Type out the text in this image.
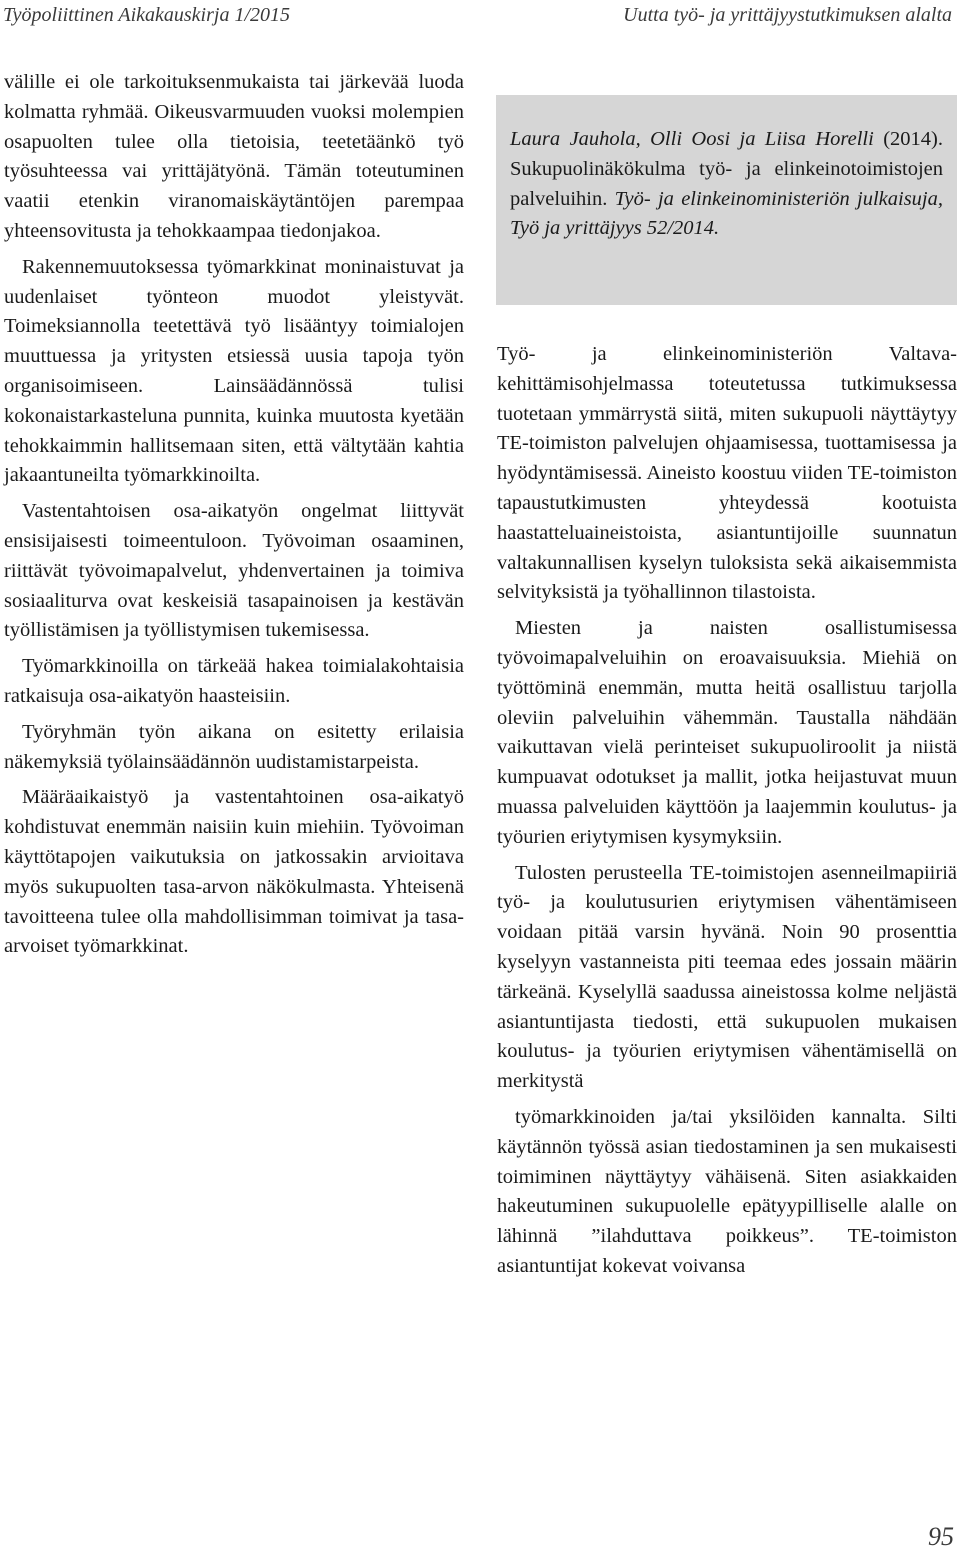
Työpoliittinen Aikakauskirja 1/2015	Uutta työ- ja yrittäjyystutkimuksen alalta

välille ei ole tarkoituksenmukaista tai järkevää luoda kolmatta ryhmää. Oikeusvarmuuden vuoksi molempien osapuolten tulee olla tietoisia, teetetäänkö työ työsuhteessa vai yrittäjätyönä. Tämän toteutuminen vaatii etenkin viranomaiskäytäntöjen parempaa yhteensovitusta ja tehokkaampaa tiedonjakoa.

Rakennemuutoksessa työmarkkinat moninaistuvat ja uudenlaiset työnteon muodot yleistyvät. Toimeksiannolla teetettävä työ lisääntyy toimialojen muuttuessa ja yritysten etsiessä uusia tapoja työn organisoimiseen. Lainsäädännössä tulisi kokonaistarkasteluna punnita, kuinka muutosta kyetään tehokkaimmin hallitsemaan siten, että vältytään kahtia jakaantuneilta työmarkkinoilta.

Vastentahtoisen osa-aikatyön ongelmat liittyvät ensisijaisesti toimeentuloon. Työvoiman osaaminen, riittävät työvoimapalvelut, yhdenvertainen ja toimiva sosiaaliturva ovat keskeisiä tasapainoisen ja kestävän työllistämisen ja työllistymisen tukemisessa.

Työmarkkinoilla on tärkeää hakea toimialakohtaisia ratkaisuja osa-aikatyön haasteisiin.

Työryhmän työn aikana on esitetty erilaisia näkemyksiä työlainsäädännön uudistamistarpeista.

Määräaikaistyö ja vastentahtoinen osa-aikatyö kohdistuvat enemmän naisiin kuin miehiin. Työvoiman käyttötapojen vaikutuksia on jatkossakin arvioitava myös sukupuolten tasa-arvon näkökulmasta. Yhteisenä tavoitteena tulee olla mahdollisimman toimivat ja tasa-arvoiset työmarkkinat.

Laura Jauhola, Olli Oosi ja Liisa Horelli (2014). Sukupuolinäkökulma työ- ja elinkeinotoimistojen palveluihin. Työ- ja elinkeinoministeriön julkaisuja, Työ ja yrittäjyys 52/2014.

Työ- ja elinkeinoministeriön Valtava-kehittämisohjelmassa toteutetussa tutkimuksessa tuotetaan ymmärrystä siitä, miten sukupuoli näyttäytyy TE-toimiston palvelujen ohjaamisessa, tuottamisessa ja hyödyntämisessä. Aineisto koostuu viiden TE-toimiston tapaustutkimusten yhteydessä kootuista haastatteluaineistoista, asiantuntijoille suunnatun valtakunnallisen kyselyn tuloksista sekä aikaisemmista selvityksistä ja työhallinnon tilastoista.

Miesten ja naisten osallistumisessa työvoimapalveluihin on eroavaisuuksia. Miehiä on työttöminä enemmän, mutta heitä osallistuu tarjolla oleviin palveluihin vähemmän. Taustalla nähdään vaikuttavan vielä perinteiset sukupuoliroolit ja niistä kumpuavat odotukset ja mallit, jotka heijastuvat muun muassa palveluiden käyttöön ja laajemmin koulutus- ja työurien eriytymisen kysymyksiin.

Tulosten perusteella TE-toimistojen asenneilmapiiriä työ- ja koulutusurien eriytymisen vähentämiseen voidaan pitää varsin hyvänä. Noin 90 prosenttia kyselyyn vastanneista piti teemaa edes jossain määrin tärkeänä. Kyselyllä saadussa aineistossa kolme neljästä asiantuntijasta tiedosti, että sukupuolen mukaisen koulutus- ja työurien eriytymisen vähentämisellä on merkitystä

työmarkkinoiden ja/tai yksilöiden kannalta. Silti käytännön työssä asian tiedostaminen ja sen mukaisesti toimiminen näyttäytyy vähäisenä. Siten asiakkaiden hakeutuminen sukupuolelle epätyypilliselle alalle on lähinnä ”ilahduttava poikkeus”. TE-toimiston asiantuntijat kokevat voivansa

95
